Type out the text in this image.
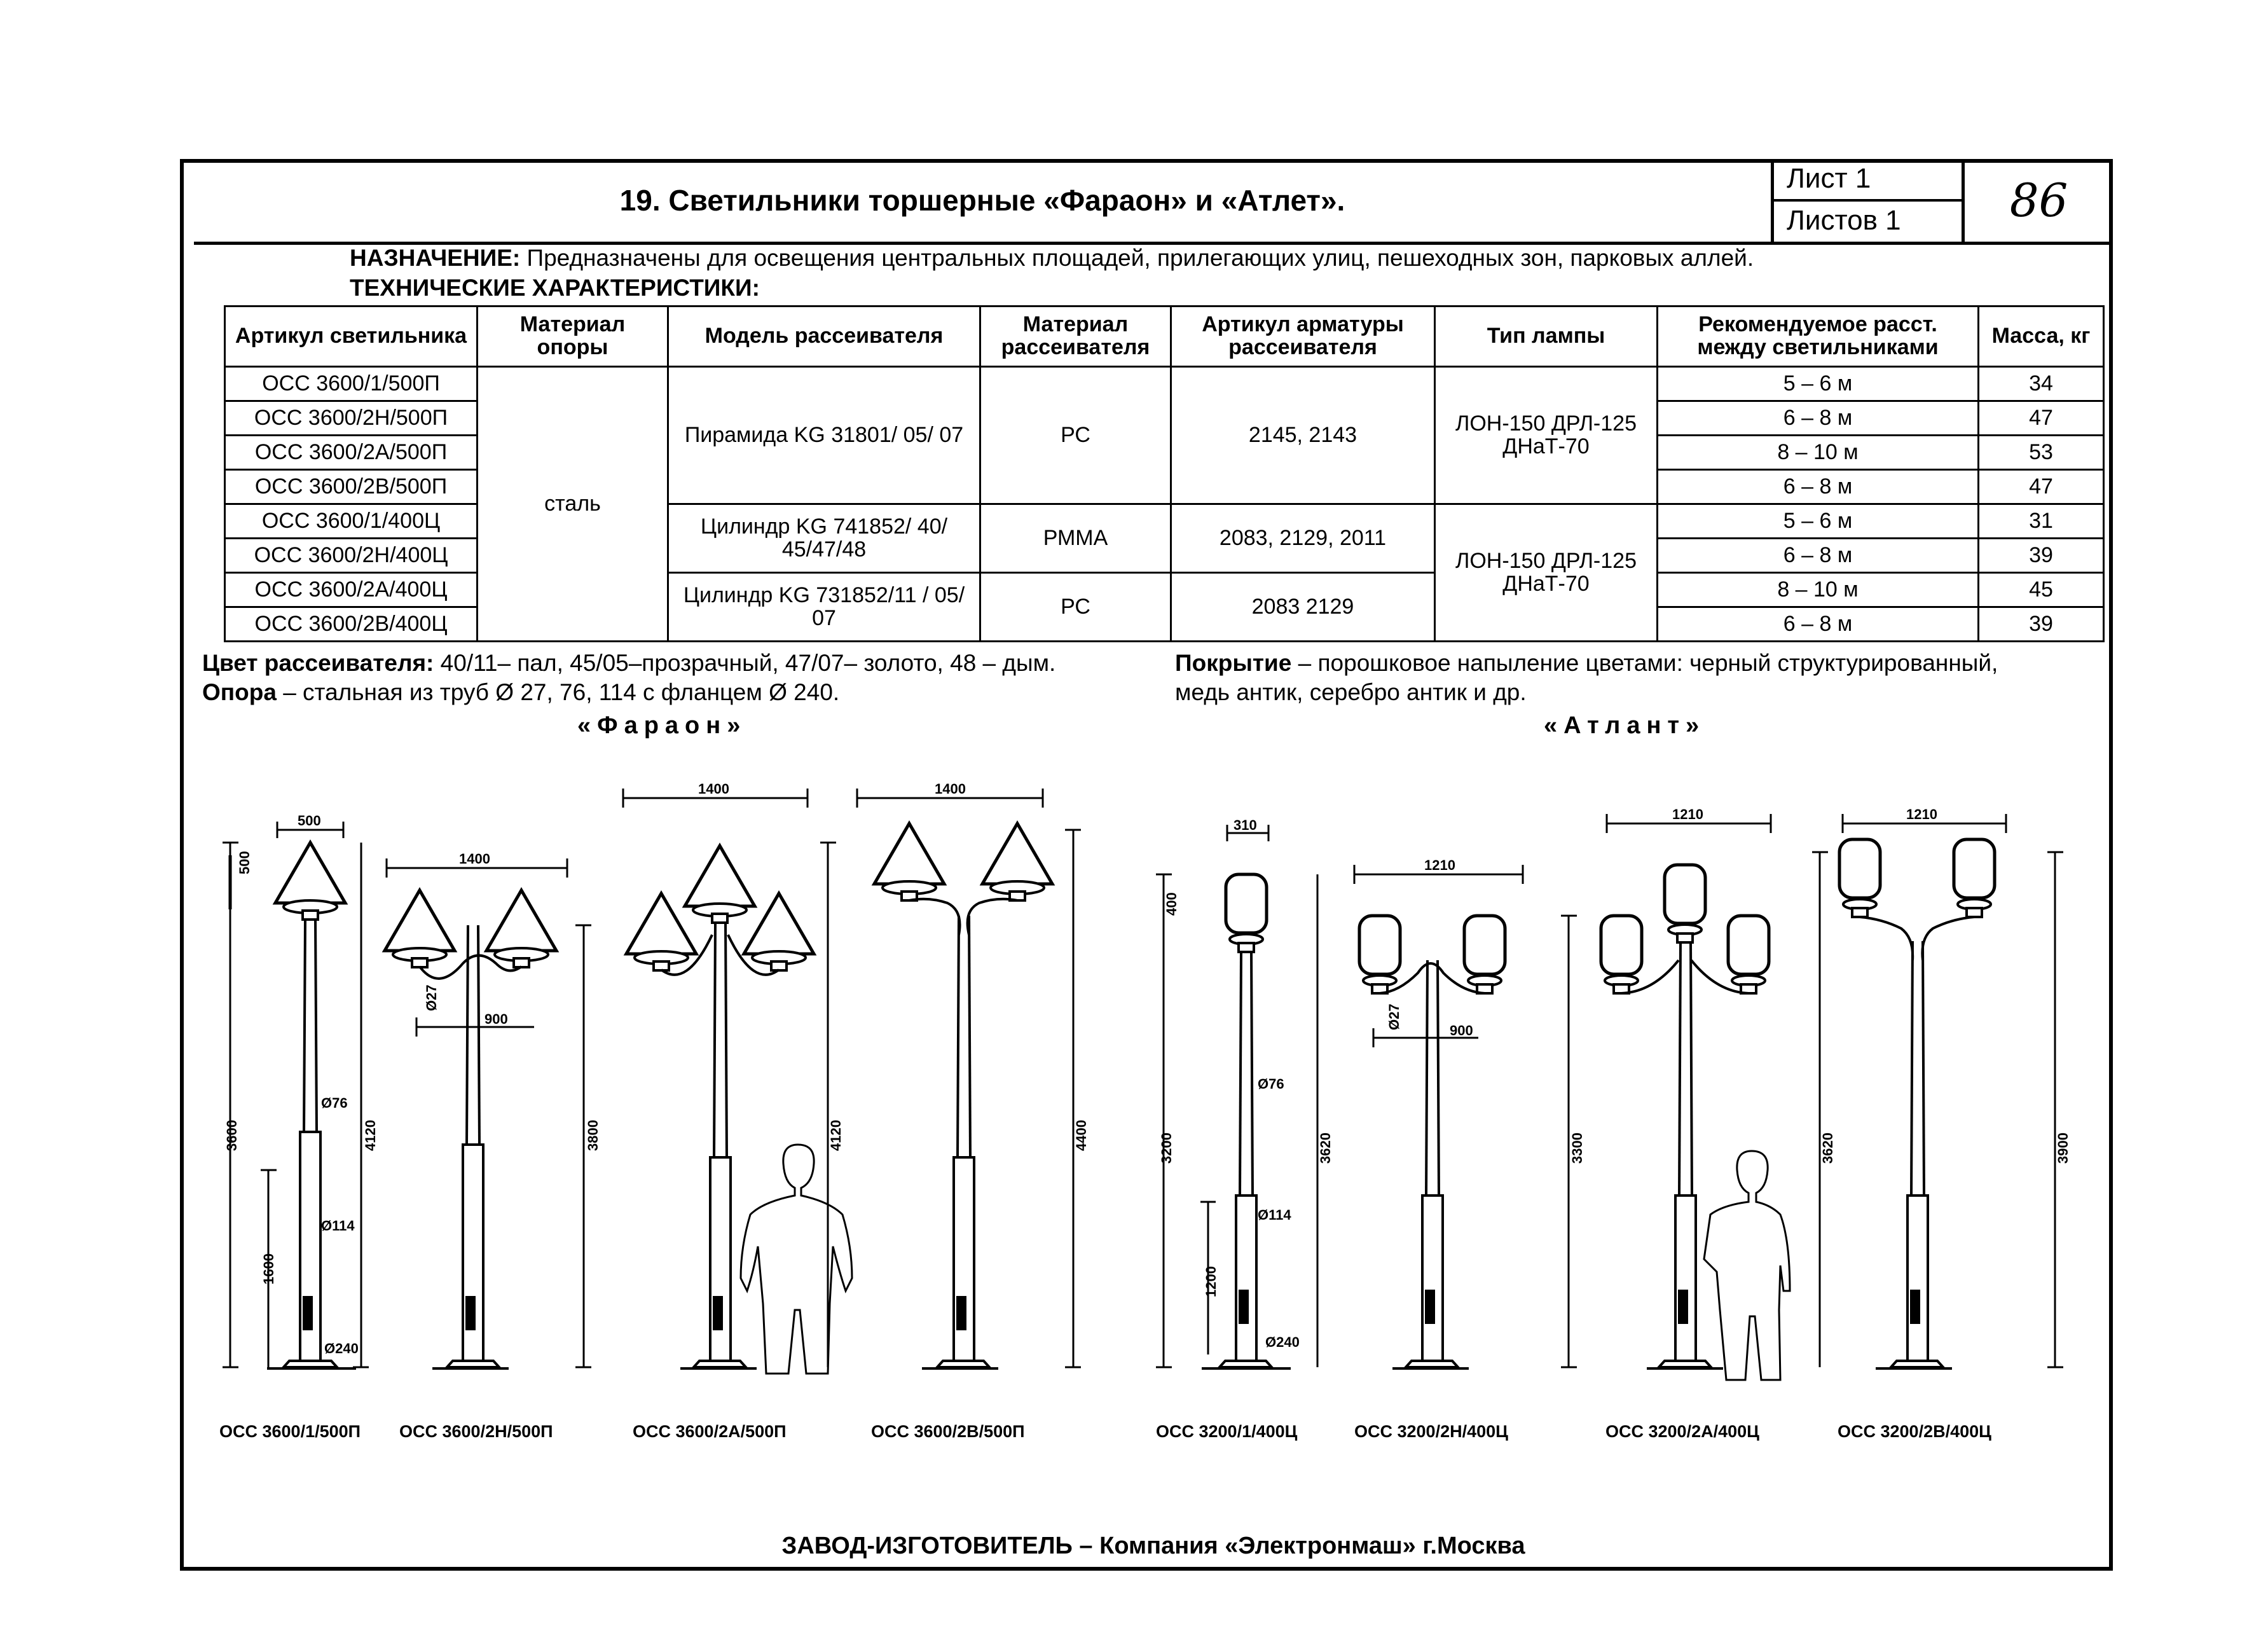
19. Светильники торшерные «Фараон» и «Атлет».
Лист 1
Листов 1	86
НАЗНАЧЕНИЕ: Предназначены для освещения центральных площадей, прилегающих улиц, пешеходных зон, парковых аллей.
ТЕХНИЧЕСКИЕ ХАРАКТЕРИСТИКИ:
Артикул светильника	Материал опоры	Модель рассеивателя	Материал рассеивателя	Артикул арматуры рассеивателя	Тип лампы	Рекомендуемое расст. между светильниками	Масса, кг
ОСС 3600/1/500П	сталь	Пирамида KG 31801/ 05/ 07	РС	2145, 2143	ЛОН-150 ДРЛ-125 ДНаТ-70	5 – 6 м	34
ОСС 3600/2Н/500П						6 – 8 м	47
ОСС 3600/2А/500П						8 – 10 м	53
ОСС 3600/2В/500П						6 – 8 м	47
ОСС 3600/1/400Ц		Цилиндр KG 741852/ 40/ 45/47/48	РММА	2083, 2129, 2011	ЛОН-150 ДРЛ-125 ДНаТ-70	5 – 6 м	31
ОСС 3600/2Н/400Ц						6 – 8 м	39
ОСС 3600/2А/400Ц		Цилиндр KG 731852/11 / 05/ 07	РС	2083 2129		8 – 10 м	45
ОСС 3600/2В/400Ц						6 – 8 м	39
Цвет рассеивателя: 40/11– пал, 45/05–прозрачный, 47/07– золото, 48 – дым.
Опора – стальная из труб Ø 27, 76, 114 с фланцем Ø 240.
Покрытие – порошковое напыление цветами: черный структурированный,
медь антик, серебро антик и др.
«Фараон»	«Атлант»
500
500	1400
1400	1400
Ø27
900
Ø76
Ø114
Ø240
3600	4120	3800	4120	4400
1600
310
400
1210
1210	1210
Ø27
900
Ø76
Ø114
Ø240
3200	3620	3300	3620	3900
1200
ОСС 3600/1/500П ОСС 3600/2Н/500П	ОСС 3600/2А/500П	ОСС 3600/2В/500П	ОСС 3200/1/400Ц	ОСС 3200/2Н/400Ц	ОСС 3200/2А/400Ц	ОСС 3200/2В/400Ц
ЗАВОД-ИЗГОТОВИТЕЛЬ – Компания «Электронмаш» г.Москва
